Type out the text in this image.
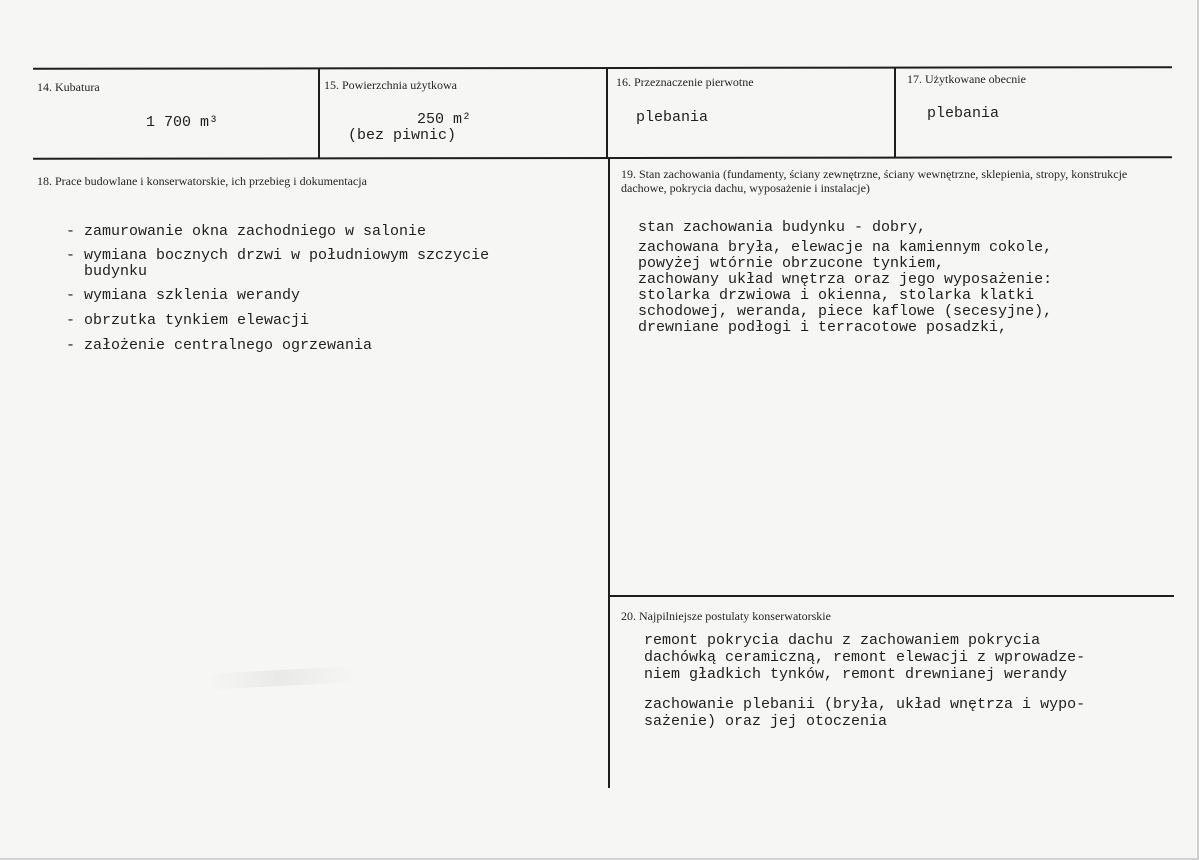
14. Kubatura
1 700 m³
15. Powierzchnia użytkowa
250 m²
(bez piwnic)
16. Przeznaczenie pierwotne
plebania
17. Użytkowane obecnie
plebania
18. Prace budowlane i konserwatorskie, ich przebieg i dokumentacja
- zamurowanie okna zachodniego w salonie
- wymiana bocznych drzwi w południowym szczycie
budynku
- wymiana szklenia werandy
- obrzutka tynkiem elewacji
- założenie centralnego ogrzewania
19. Stan zachowania (fundamenty, ściany zewnętrzne, ściany wewnętrzne, sklepienia, stropy, konstrukcje dachowe, pokrycia dachu, wyposażenie i instalacje)
stan zachowania budynku - dobry,
zachowana bryła, elewacje na kamiennym cokole,
powyżej wtórnie obrzucone tynkiem,
zachowany układ wnętrza oraz jego wyposażenie:
stolarka drzwiowa i okienna, stolarka klatki
schodowej, weranda, piece kaflowe (secesyjne),
drewniane podłogi i terracotowe posadzki,
20. Najpilniejsze postulaty konserwatorskie
remont pokrycia dachu z zachowaniem pokrycia
dachówką ceramiczną, remont elewacji z wprowadze-
niem gładkich tynków, remont drewnianej werandy
zachowanie plebanii (bryła, układ wnętrza i wypo-
sażenie) oraz jej otoczenia
